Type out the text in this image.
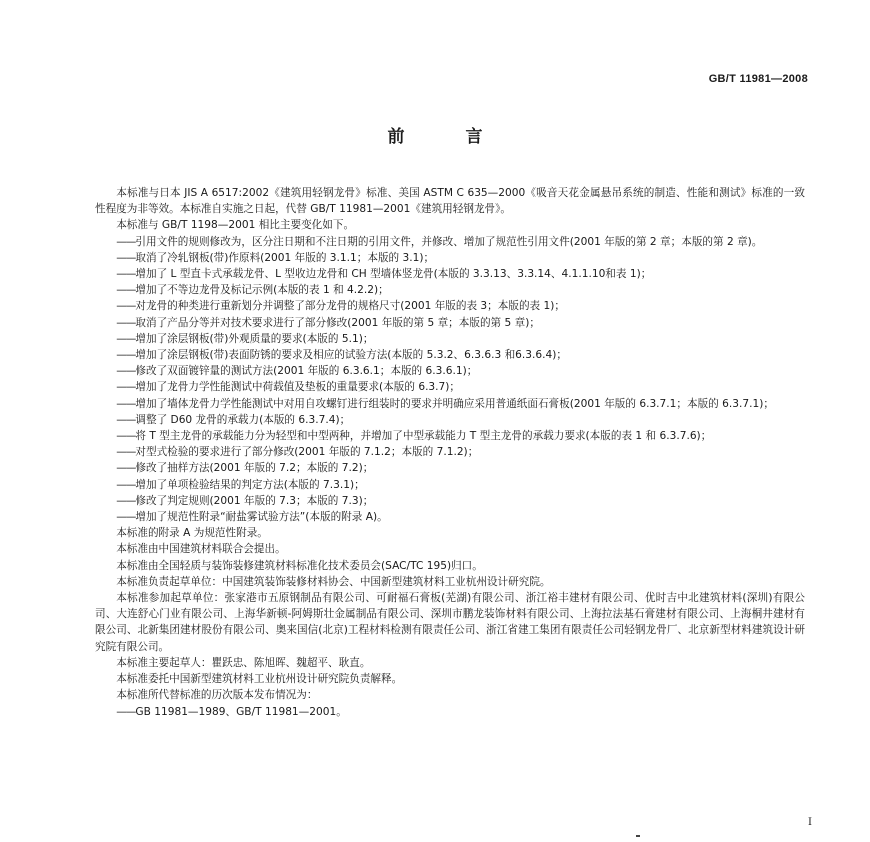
GB/T 11981—2008
前　言

本标准与日本 JIS A 6517:2002《建筑用轻钢龙骨》标准、美国 ASTM C 635—2000《吸音天花金属悬吊系统的制造、性能和测试》标准的一致性程度为非等效。本标准自实施之日起，代替 GB/T 11981—2001《建筑用轻钢龙骨》。

本标准与 GB/T 1198—2001 相比主要变化如下。

——引用文件的规则修改为，区分注日期和不注日期的引用文件，并修改、增加了规范性引用文件(2001 年版的第 2 章；本版的第 2 章)。

——取消了冷轧钢板(带)作原料(2001 年版的 3.1.1；本版的 3.1)；

——增加了 L 型直卡式承载龙骨、L 型收边龙骨和 CH 型墙体竖龙骨(本版的 3.3.13、3.3.14、4.1.1.10和表 1)；

——增加了不等边龙骨及标记示例(本版的表 1 和 4.2.2)；

——对龙骨的种类进行重新划分并调整了部分龙骨的规格尺寸(2001 年版的表 3；本版的表 1)；

——取消了产品分等并对技术要求进行了部分修改(2001 年版的第 5 章；本版的第 5 章)；

——增加了涂层钢板(带)外观质量的要求(本版的 5.1)；

——增加了涂层钢板(带)表面防锈的要求及相应的试验方法(本版的 5.3.2、6.3.6.3 和6.3.6.4)；

——修改了双面镀锌量的测试方法(2001 年版的 6.3.6.1；本版的 6.3.6.1)；

——增加了龙骨力学性能测试中荷载值及垫板的重量要求(本版的 6.3.7)；

——增加了墙体龙骨力学性能测试中对用自攻螺钉进行组装时的要求并明确应采用普通纸面石膏板(2001 年版的 6.3.7.1；本版的 6.3.7.1)；

——调整了 D60 龙骨的承载力(本版的 6.3.7.4)；

——将 T 型主龙骨的承载能力分为轻型和中型两种，并增加了中型承载能力 T 型主龙骨的承载力要求(本版的表 1 和 6.3.7.6)；

——对型式检验的要求进行了部分修改(2001 年版的 7.1.2；本版的 7.1.2)；

——修改了抽样方法(2001 年版的 7.2；本版的 7.2)；

——增加了单项检验结果的判定方法(本版的 7.3.1)；

——修改了判定规则(2001 年版的 7.3；本版的 7.3)；

——增加了规范性附录“耐盐雾试验方法”(本版的附录 A)。

本标准的附录 A 为规范性附录。

本标准由中国建筑材料联合会提出。

本标准由全国轻质与装饰装修建筑材料标准化技术委员会(SAC/TC 195)归口。

本标准负责起草单位：中国建筑装饰装修材料协会、中国新型建筑材料工业杭州设计研究院。

本标准参加起草单位：张家港市五原钢制品有限公司、可耐福石膏板(芜湖)有限公司、浙江裕丰建材有限公司、优时吉中北建筑材料(深圳)有限公司、大连舒心门业有限公司、上海华新顿-阿姆斯壮金属制品有限公司、深圳市鹏龙装饰材料有限公司、上海拉法基石膏建材有限公司、上海桐井建材有限公司、北新集团建材股份有限公司、奥来国信(北京)工程材料检测有限责任公司、浙江省建工集团有限责任公司轻钢龙骨厂、北京新型材料建筑设计研究院有限公司。

本标准主要起草人：瞿跃忠、陈旭晖、魏超平、耿直。

本标准委托中国新型建筑材料工业杭州设计研究院负责解释。

本标准所代替标准的历次版本发布情况为：

——GB 11981—1989、GB/T 11981—2001。

I
